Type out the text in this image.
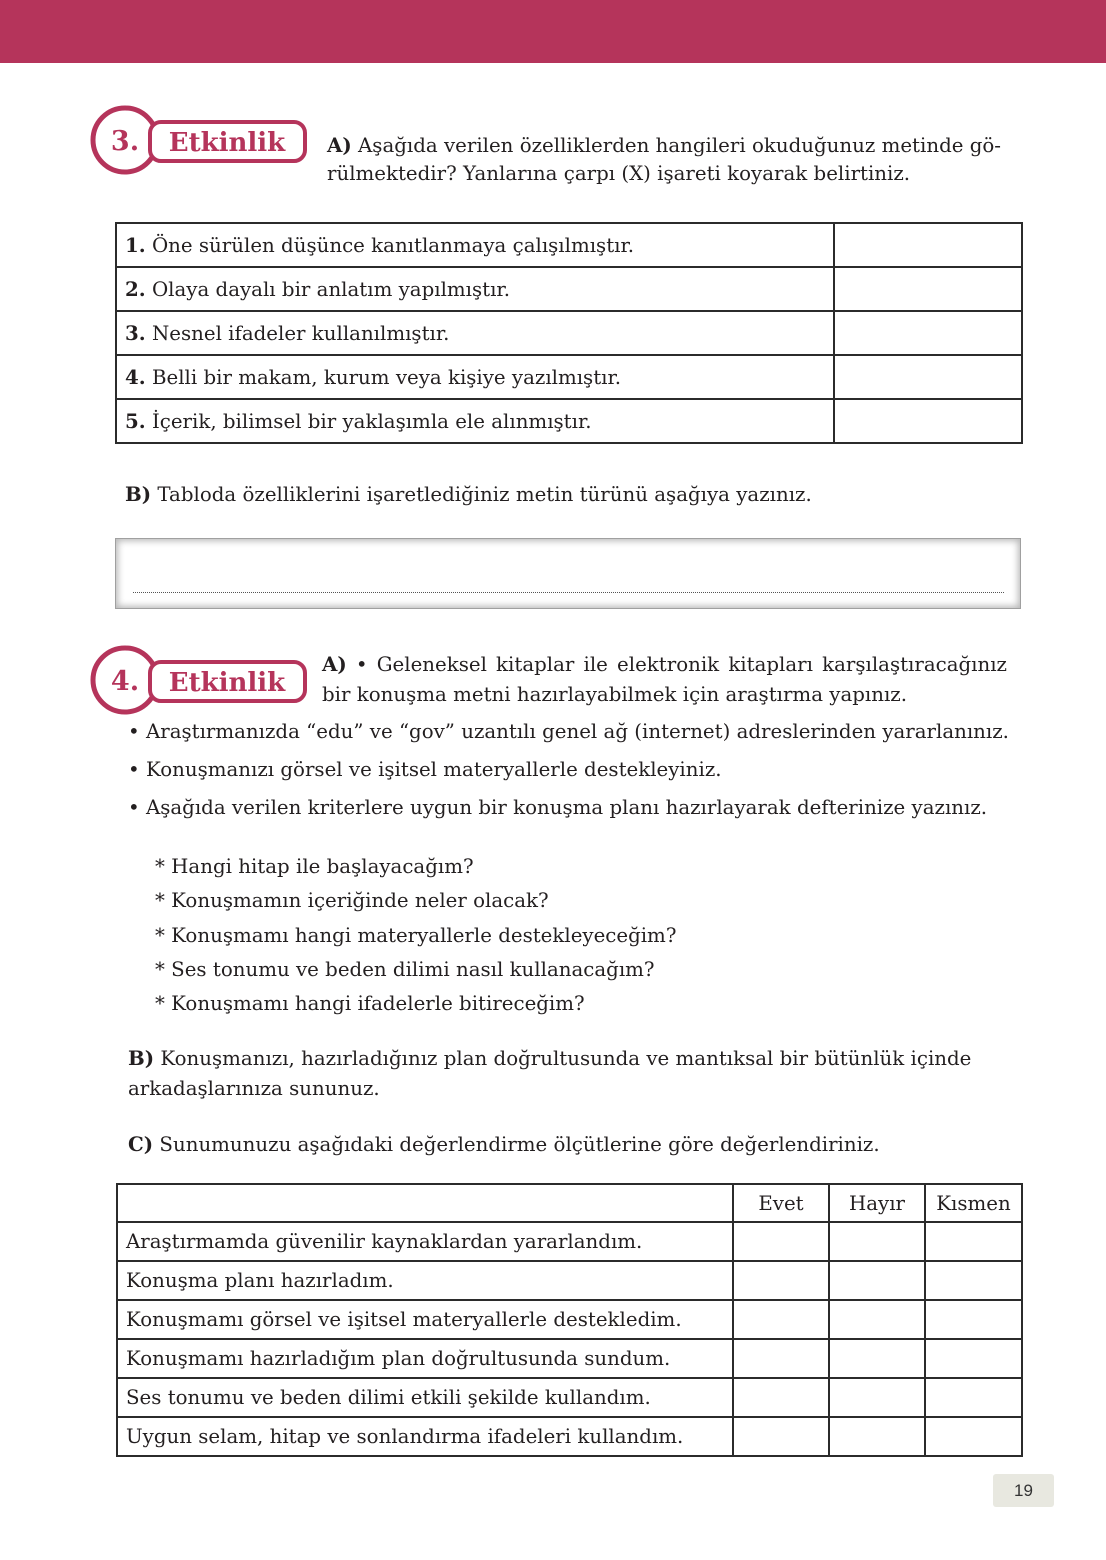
3. Etkinlik A) Aşağıda verilen özelliklerden hangileri okuduğunuz metinde gö-
rülmektedir? Yanlarına çarpı (X) işareti koyarak belirtiniz.
1. Öne sürülen düşünce kanıtlanmaya çalışılmıştır.	
2. Olaya dayalı bir anlatım yapılmıştır.	
3. Nesnel ifadeler kullanılmıştır.	
4. Belli bir makam, kurum veya kişiye yazılmıştır.	
5. İçerik, bilimsel bir yaklaşımla ele alınmıştır.	
B) Tabloda özelliklerini işaretlediğiniz metin türünü aşağıya yazınız.
4. Etkinlik
A) • Geleneksel kitaplar ile elektronik kitapları karşılaştıracağınız
bir konuşma metni hazırlayabilmek için araştırma yapınız.
• Araştırmanızda “edu” ve “gov” uzantılı genel ağ (internet) adreslerinden yararlanınız.
• Konuşmanızı görsel ve işitsel materyallerle destekleyiniz.
• Aşağıda verilen kriterlere uygun bir konuşma planı hazırlayarak defterinize yazınız.
* Hangi hitap ile başlayacağım?
* Konuşmamın içeriğinde neler olacak?
* Konuşmamı hangi materyallerle destekleyeceğim?
* Ses tonumu ve beden dilimi nasıl kullanacağım?
* Konuşmamı hangi ifadelerle bitireceğim?
B) Konuşmanızı, hazırladığınız plan doğrultusunda ve mantıksal bir bütünlük içinde
arkadaşlarınıza sununuz.
C) Sunumunuzu aşağıdaki değerlendirme ölçütlerine göre değerlendiriniz.
	Evet	Hayır	Kısmen
Araştırmamda güvenilir kaynaklardan yararlandım.			
Konuşma planı hazırladım.			
Konuşmamı görsel ve işitsel materyallerle destekledim.			
Konuşmamı hazırladığım plan doğrultusunda sundum.			
Ses tonumu ve beden dilimi etkili şekilde kullandım.			
Uygun selam, hitap ve sonlandırma ifadeleri kullandım.			
19
